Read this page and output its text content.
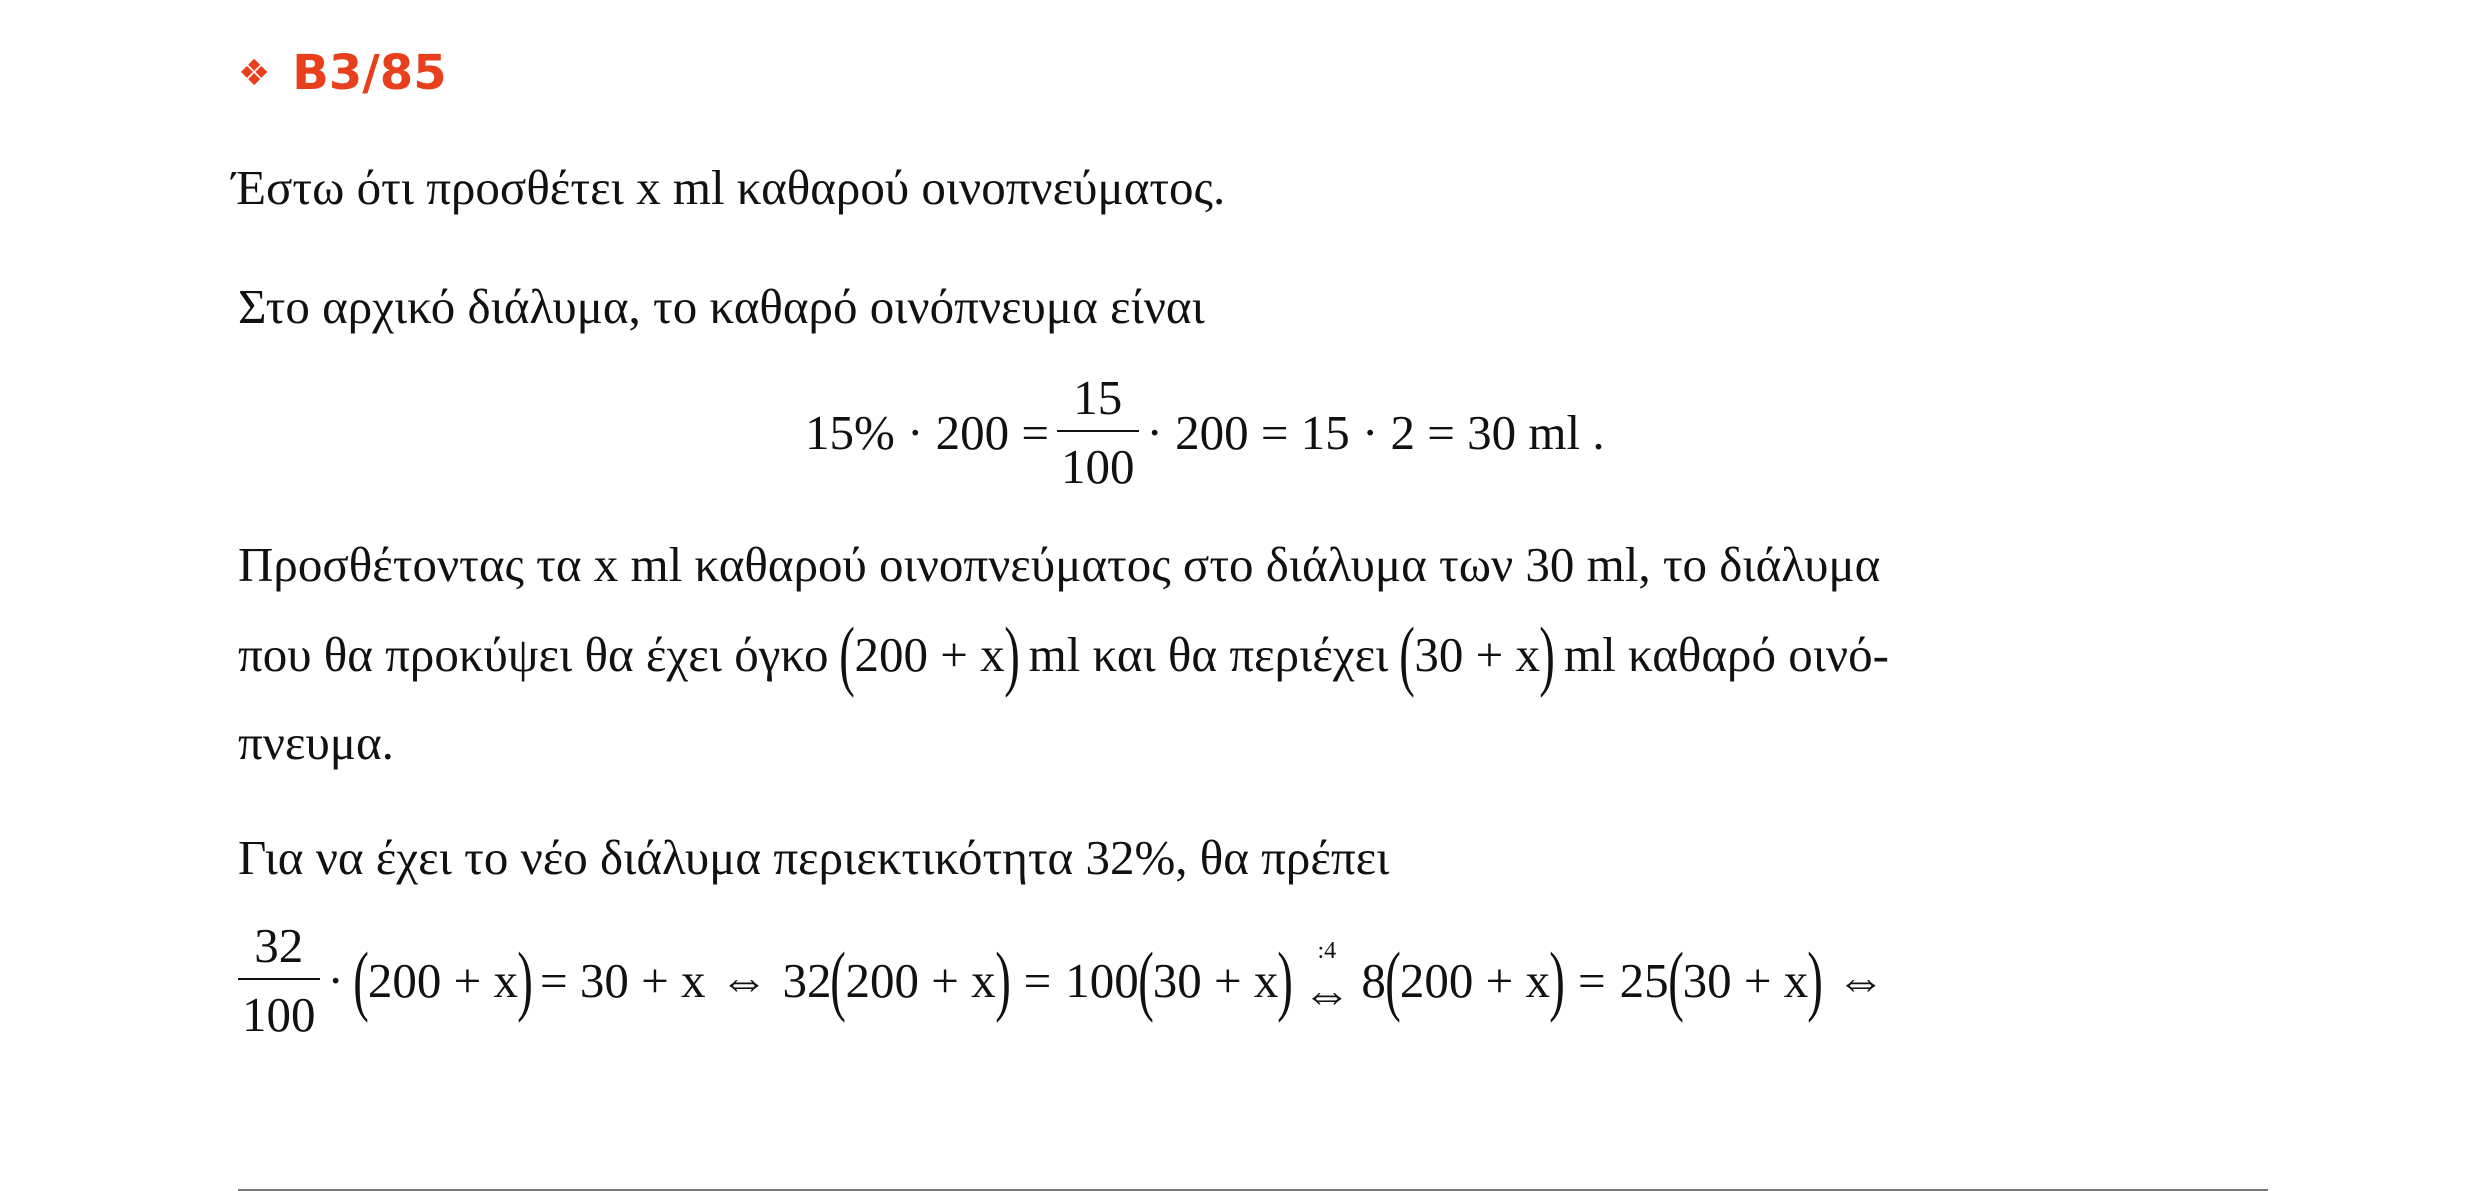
❖ B3/85
Έστω ότι προσθέτει x ml καθαρού οινοπνεύματος.
Στο αρχικό διάλυμα, το καθαρό οινόπνευμα είναι
$15\% \cdot 200 = \frac{15}{100} \cdot 200 = 15 \cdot 2 = 30$ ml .
Προσθέτοντας τα x ml καθαρού οινοπνεύματος στο διάλυμα των 30 ml, το διάλυμα
που θα προκύψει θα έχει όγκο ( 200 + x ) ml και θα περιέχει ( 30 + x ) ml καθαρό οινό-
πνευμα.
Για να έχει το νέο διάλυμα περιεκτικότητα 32%, θα πρέπει
$\frac{32}{100}$ · ( 200 + x ) = 30 + x ⇔ 32 ( 200 + x ) = 100 ( 30 + x ) :4
⇔ 8 ( 200 + x ) = 25 ( 30 + x ) ⇔
